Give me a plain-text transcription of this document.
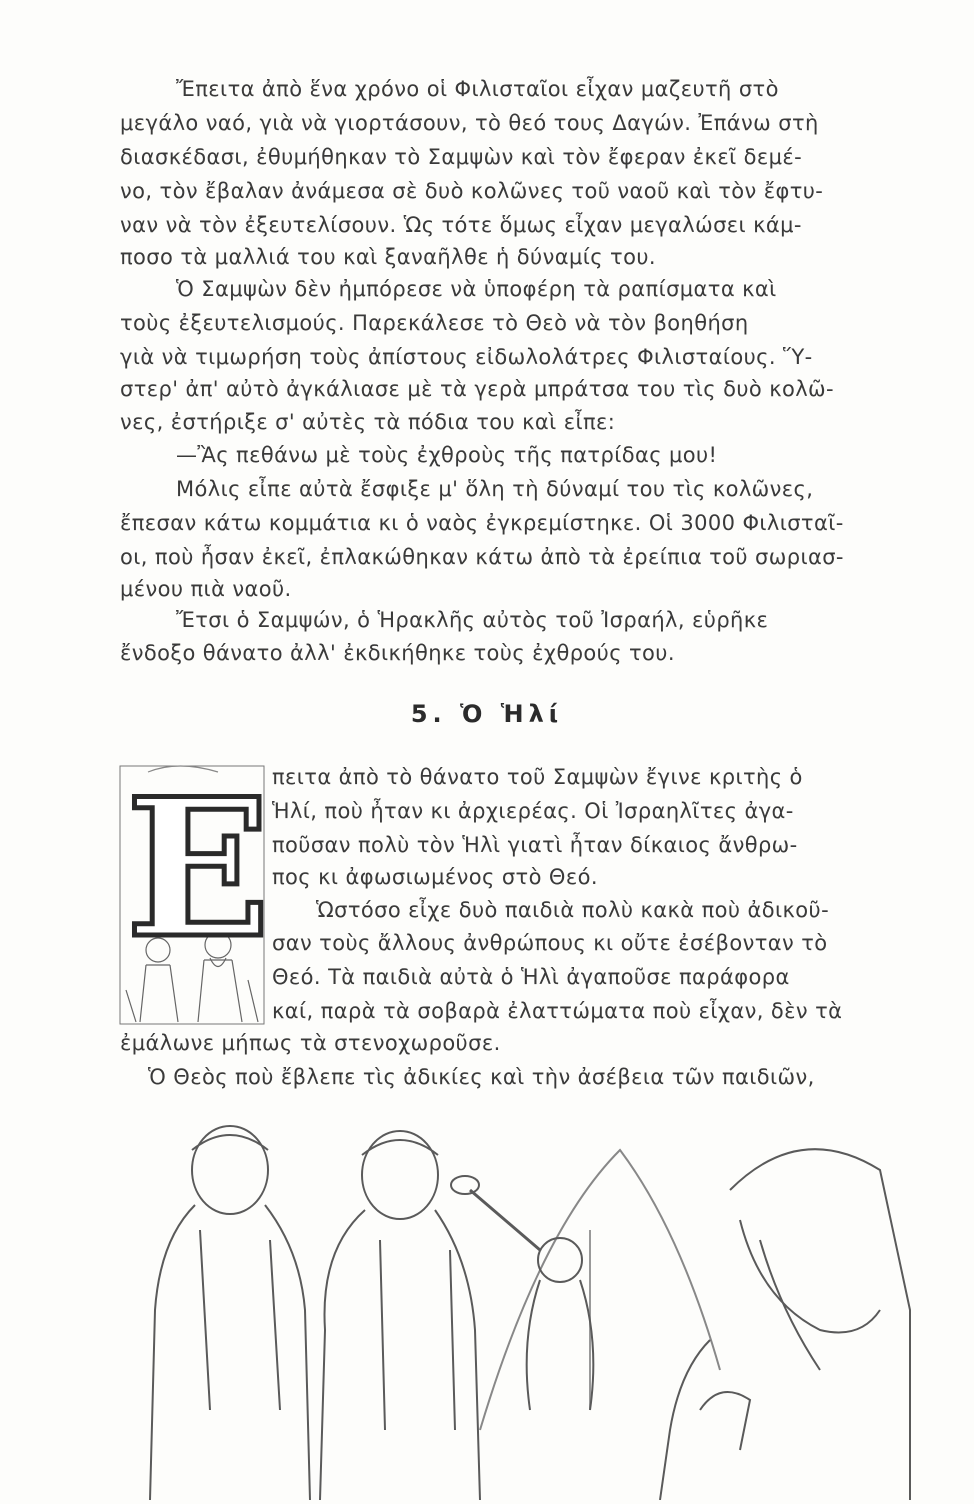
Ἔπειτα ἀπὸ ἕνα χρόνο οἱ Φιλισταῖοι εἶχαν μαζευτῆ στὸ
μεγάλο ναό, γιὰ νὰ γιορτάσουν, τὸ θεό τους Δαγών. Ἐπάνω στὴ
διασκέδασι, ἐθυμήθηκαν τὸ Σαμψὼν καὶ τὸν ἔφεραν ἐκεῖ δεμέ-
νο, τὸν ἔβαλαν ἀνάμεσα σὲ δυὸ κολῶνες τοῦ ναοῦ καὶ τὸν ἔφτυ-
ναν νὰ τὸν ἐξευτελίσουν. Ὡς τότε ὅμως εἶχαν μεγαλώσει κάμ-
ποσο τὰ μαλλιά του καὶ ξαναῆλθε ἡ δύναμίς του.
Ὁ Σαμψὼν δὲν ἠμπόρεσε νὰ ὑποφέρη τὰ ραπίσματα καὶ
τοὺς ἐξευτελισμούς. Παρεκάλεσε τὸ Θεὸ νὰ τὸν βοηθήση
γιὰ νὰ τιμωρήση τοὺς ἀπίστους εἰδωλολάτρες Φιλισταίους. Ὕ-
στερ' ἀπ' αὐτὸ ἀγκάλιασε μὲ τὰ γερὰ μπράτσα του τὶς δυὸ κολῶ-
νες, ἐστήριξε σ' αὐτὲς τὰ πόδια του καὶ εἶπε:
—Ἂς πεθάνω μὲ τοὺς ἐχθροὺς τῆς πατρίδας μου!
Μόλις εἶπε αὐτὰ ἔσφιξε μ' ὅλη τὴ δύναμί του τὶς κολῶνες,
ἔπεσαν κάτω κομμάτια κι ὁ ναὸς ἐγκρεμίστηκε. Οἱ 3000 Φιλισταῖ-
οι, ποὺ ἦσαν ἐκεῖ, ἐπλακώθηκαν κάτω ἀπὸ τὰ ἐρείπια τοῦ σωριασ-
μένου πιὰ ναοῦ.
Ἔτσι ὁ Σαμψών, ὁ Ἡρακλῆς αὐτὸς τοῦ Ἰσραήλ, εὑρῆκε
ἔνδοξο θάνατο ἀλλ' ἐκδικήθηκε τοὺς ἐχθρούς του.
5. Ὁ Ἡλί
Ε πειτα ἀπὸ τὸ θάνατο τοῦ Σαμψὼν ἔγινε κριτὴς ὁ
Ἡλί, ποὺ ἦταν κι ἀρχιερέας. Οἱ Ἰσραηλῖτες ἀγα-
ποῦσαν πολὺ τὸν Ἡλὶ γιατὶ ἦταν δίκαιος ἄνθρω-
πος κι ἀφωσιωμένος στὸ Θεό.
Ὡστόσο εἶχε δυὸ παιδιὰ πολὺ κακὰ ποὺ ἀδικοῦ-
σαν τοὺς ἄλλους ἀνθρώπους κι οὔτε ἐσέβονταν τὸ
Θεό. Τὰ παιδιὰ αὐτὰ ὁ Ἡλὶ ἀγαποῦσε παράφορα
καί, παρὰ τὰ σοβαρὰ ἐλαττώματα ποὺ εἶχαν, δὲν τὰ
ἐμάλωνε μήπως τὰ στενοχωροῦσε.
Ὁ Θεὸς ποὺ ἔβλεπε τὶς ἀδικίες καὶ τὴν ἀσέβεια τῶν παιδιῶν,
